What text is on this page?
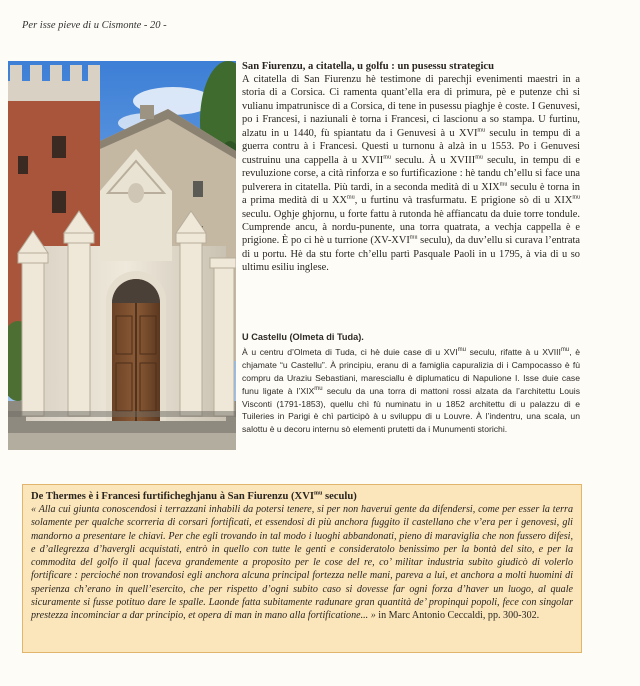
Per isse pieve di u Cismonte - 20 -
San Fiurenzu, a citatella, u golfu : un pusessu strategicu

A citatella di San Fiurenzu hè testimone di parechji evenimenti maestri in a storia di a Corsica. Ci ramenta quant’ella era di primura, pè e putenze chì si vulianu impatrunisce di a Corsica, di tene in pusessu piaghje è coste. I Genuvesi, po i Francesi, i naziunali è torna i Francesi, ci lascionu a so stampa. U furtinu, alzatu in u 1440, fù spiantatu da i Genuvesi à u $XVI^{mu}$ seculu in tempu di a guerra contru à i Francesi. Questi u turnonu à alzà in u 1553. Po i Genuvesi custruinu una cappella à u $XVII^{mu}$ seculu. À u $XVIII^{mu}$ seculu, in tempu di e revuluzione corse, a cità rinforza e so furtificazione : hè tandu ch’ellu si face una pulverera in citatella. Più tardi, in a seconda medità di u $XIX^{mu}$ seculu è torna in a prima medità di u $XX^{mu}$, u furtinu và trasfurmatu. E prigione sò di u $XIX^{mu}$ seculu. Oghje ghjornu, u forte fattu à rutonda hè affiancatu da duie torre tondule. Cumprende ancu, à nordu-punente, una torra quatrata, a vechja cappella è e prigione. È po ci hè u turrione ($XV-XVI^{mu}$ seculu), da duv’ellu si curava l’entrata di u portu. Hè da stu forte ch’ellu partì Pasquale Paoli in u 1795, à via di u so ultimu esiliu inglese.

U Castellu (Olmeta di Tuda).

À u centru d’Olmeta di Tuda, ci hè duie case di u $XVI^{mu}$ seculu, rifatte à u $XVIII^{mu}$, è chjamate “u Castellu”. À principiu, eranu di a famiglia capuralizia di i Campocasso è fù compru da Uraziu Sebastiani, maresciallu è diplumaticu di Napulione I. Isse duie case funu ligate à $l’XIX^{mu}$ seculu da una torra di mattoni rossi alzata da l’architettu Louis Visconti (1791-1853), quellu chì fù numinatu in u 1852 architettu di u palazzu di e Tuileries in Parigi è chì participò à u sviluppu di u Louvre. À l’indentru, una scala, un salottu è u decoru internu sò elementi prutetti da i Munumenti storichi.

De Thermes è i Francesi furtificheghjanu à San Fiurenzu ($XVI^{mu}$ seculu)

« Alla cui giunta conoscendosi i terrazzani inhabili da potersi tenere, si per non haverui gente da difendersi, come per esser la terra solamente per qualche scorreria di corsari fortificati, et essendosi di più anchora fuggito il castellano che v’era per i genovesi, gli mandorno a presentare le chiavi. Per che egli trovando in tal modo i luoghi abbandonati, pieno di maraviglia che non fussero difesi, e d’allegrezza d’havergli acquistati, entrò in quello con tutte le genti e consideratolo benissimo per la bontà del sito, e per la commodita del golfo il qual faceva grandemente a proposito per le cose del re, co’ militar industria subito giudicò di volerlo fortificare : percioché non trovandosi egli anchora alcuna principal fortezza nelle mani, pareva a lui, et anchora a molti huomini di sperienza ch’erano in quell’esercito, che per rispetto d’ogni subito caso si dovesse far ogni forza d’haver un luogo, al quale sicuramente si fusse potituo dare le spalle. Laonde fatta subitamente radunare gran quantità de’ propinqui popoli, fece con singolar prestezza incominciar a dar principio, et opera di man in mano alla fortificatione... » in Marc Antonio Ceccaldi, pp. 300-302.
